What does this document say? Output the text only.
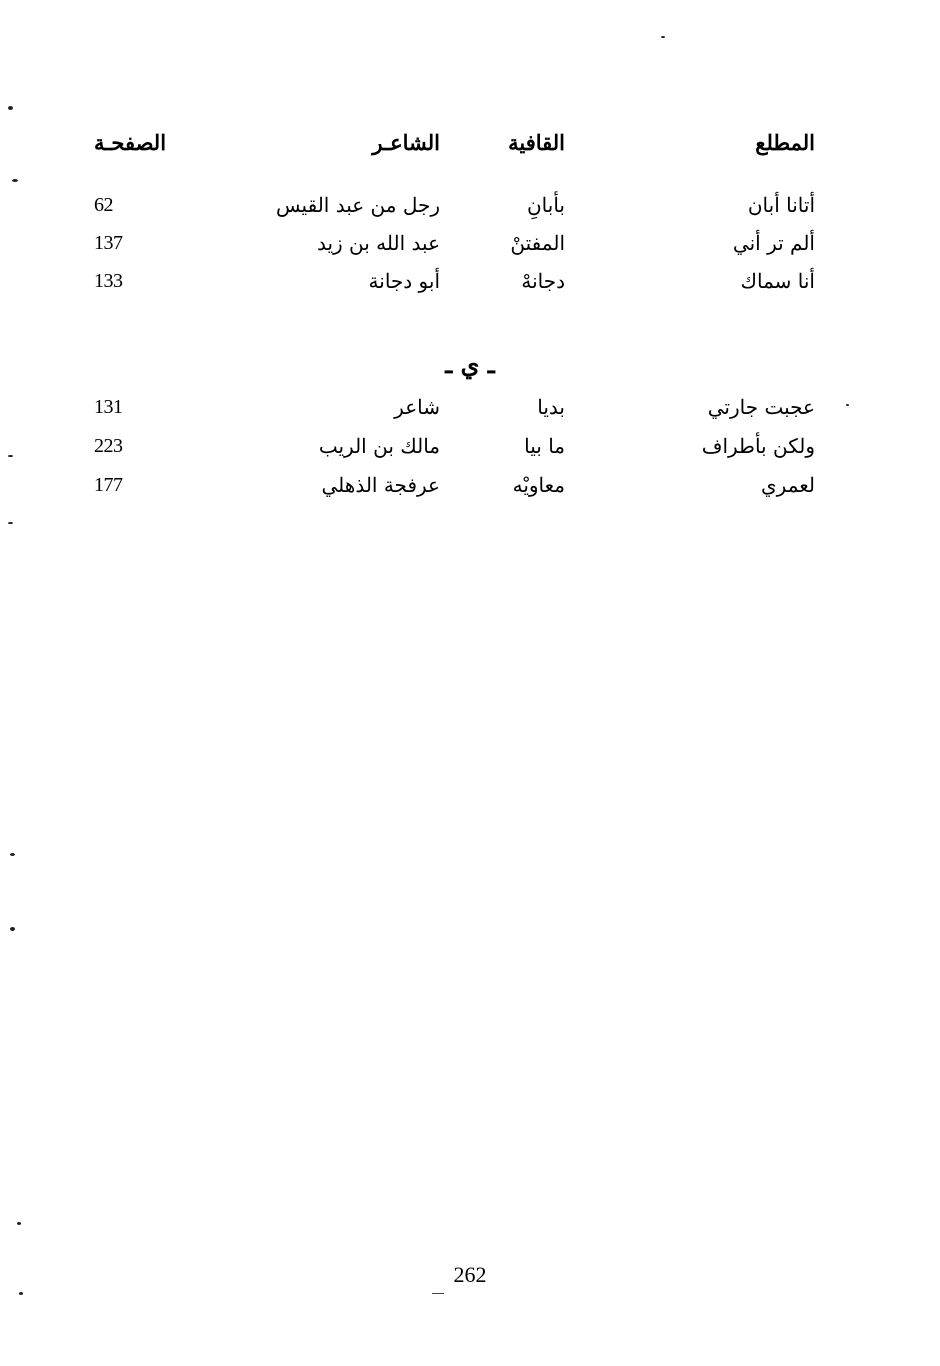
المطلع
القافية
الشاعـر
الصفحـة
أتانا أبان
بأبانِ
رجل من عبد القيس
62
ألم تر أني
المفتنْ
عبد الله بن زيد
137
أنا سماك
دجانهْ
أبو دجانة
133
ـ ي ـ
عجبت جارتي
بديا
شاعر
131
ولكن بأطراف
ما بيا
مالك بن الريب
223
لعمري
معاويْه
عرفجة الذهلي
177
262
